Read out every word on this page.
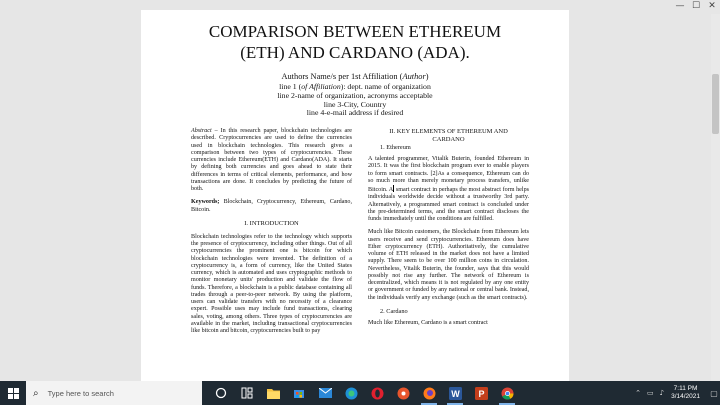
— ☐ ✕
COMPARISON BETWEEN ETHEREUM
(ETH) AND CARDANO (ADA).
Authors Name/s per 1st Affiliation (Author)
line 1 (of Affiliation): dept. name of organization
line 2-name of organization, acronyms acceptable
line 3-City, Country
line 4-e-mail address if desired

Abstract – In this research paper, blockchain technologies are described. Cryptocurrencies are used to define the currencies used in blockchain technologies. This research gives a comparison between two types of cryptocurrencies. These currencies include Ethereum(ETH) and Cardano(ADA). It starts by defining both currencies and goes ahead to state their differences in terms of critical elements, performance, and how transactions are done. It concludes by predicting the future of both.

Keywords; Blockchain, Cryptocurrency, Ethereum, Cardano, Bitcoin.

I. INTRODUCTION

Blockchain technologies refer to the technology which supports the presence of cryptocurrency, including other things. Out of all cryptocurrencies the prominent one is bitcoin for which blockchain technologies were invented. The definition of a cryptocurrency is, a form of currency, like the United States currency, which is automated and uses cryptographic methods to monitor monetary units' production and validate the flow of funds. Therefore, a blockchain is a public database containing all trades through a peer-to-peer network. By using the platform, users can validate transfers with no necessity of a clearance expert. Possible uses may include fund transactions, clearing sales, voting, among others. Three types of cryptocurrencies are available in the market, including transactional cryptocurrencies like bitcoin and bitcoin, cryptocurrencies built to pay

II. KEY ELEMENTS OF ETHEREUM AND
CARDANO
1. Ethereum

A talented programmer, Vitalik Buterin, founded Ethereum in 2015. It was the first blockchain program ever to enable players to form smart contracts. [2]As a consequence, Ethereum can do so much more than merely monetary process transfers, unlike Bitcoin. A smart contract in perhaps the most abstract form helps individuals worldwide decide without a trustworthy 3rd party. Alternatively, a programmed smart contract is concluded under the pre-determined terms, and the smart contract discloses the funds immediately until the conditions are fulfilled.

Much like Bitcoin customers, the Blockchain from Ethereum lets users receive and send cryptocurrencies. Ethereum does have Ether cryptocurrency (ETH). Authoritatively, the cumulative volume of ETH released in the market does not have a limited supply. There seem to be over 100 million coins in circulation. Nevertheless, Vitalik Buterin, the founder, says that this would possibly not rise any further. The network of Ethereum is decentralized, which means it is not regulated by any one entity or government or funded by any national or central bank. Instead, the individuals verify any exchange (such as the smart contracts).

2. Cardano

Much like Ethereum, Cardano is a smart contract

⌕ Type here to search	W P	⌃ ▭ ♪
7:11 PM
3/14/2021 ▢
